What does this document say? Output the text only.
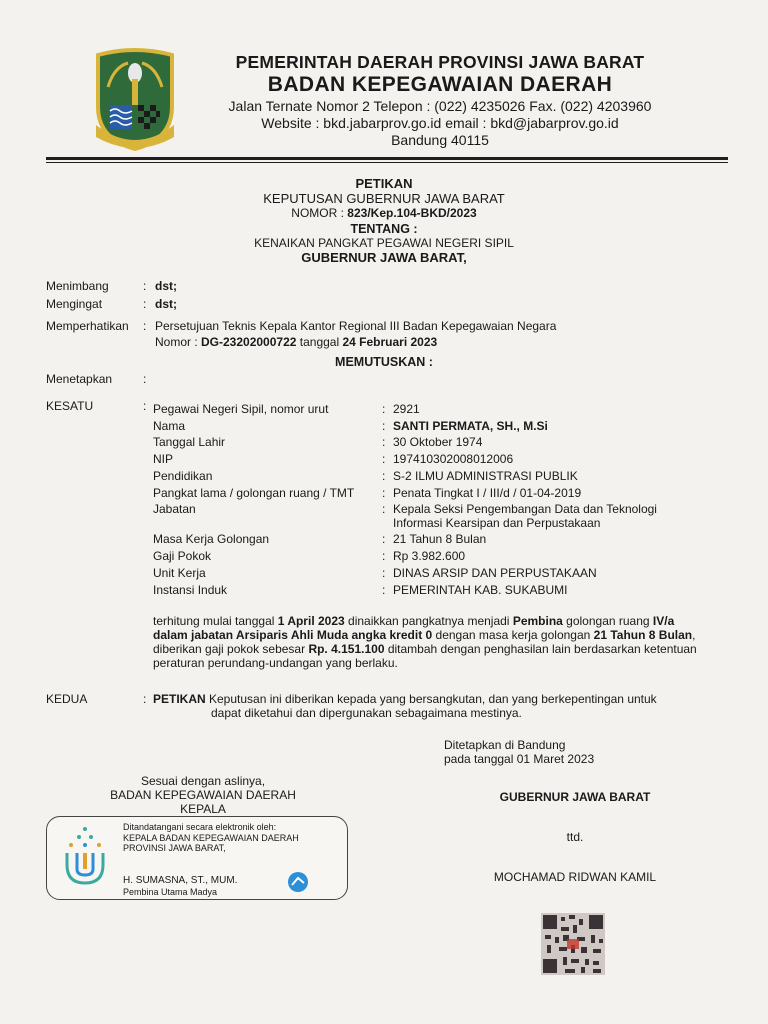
PEMERINTAH DAERAH PROVINSI JAWA BARAT
BADAN KEPEGAWAIAN DAERAH
Jalan Ternate Nomor 2 Telepon : (022) 4235026 Fax. (022) 4203960
Website : bkd.jabarprov.go.id email : bkd@jabarprov.go.id
Bandung 40115
PETIKAN
KEPUTUSAN GUBERNUR JAWA BARAT
NOMOR : 823/Kep.104-BKD/2023
TENTANG :
KENAIKAN PANGKAT PEGAWAI NEGERI SIPIL
GUBERNUR JAWA BARAT,
Menimbang	: dst;
Mengingat	: dst;
Memperhatikan : Persetujuan Teknis Kepala Kantor Regional III Badan Kepegawaian Negara
Nomor : DG-23202000722 tanggal 24 Februari 2023
MEMUTUSKAN :
Menetapkan	:
KESATU	: Pegawai Negeri Sipil, nomor urut	: 2921
Nama	: SANTI PERMATA, SH., M.Si
Tanggal Lahir	: 30 Oktober 1974
NIP	: 197410302008012006
Pendidikan	: S-2 ILMU ADMINISTRASI PUBLIK
Pangkat lama / golongan ruang / TMT : Penata Tingkat I / III/d / 01-04-2019
Jabatan	: Kepala Seksi Pengembangan Data dan Teknologi
Informasi Kearsipan dan Perpustakaan
Masa Kerja Golongan	: 21 Tahun 8 Bulan
Gaji Pokok	: Rp 3.982.600
Unit Kerja	: DINAS ARSIP DAN PERPUSTAKAAN
Instansi Induk	: PEMERINTAH KAB. SUKABUMI
terhitung mulai tanggal 1 April 2023 dinaikkan pangkatnya menjadi Pembina golongan ruang IV/a
dalam jabatan Arsiparis Ahli Muda angka kredit 0 dengan masa kerja golongan 21 Tahun 8 Bulan,
diberikan gaji pokok sebesar Rp. 4.151.100 ditambah dengan penghasilan lain berdasarkan ketentuan
peraturan perundang-undangan yang berlaku.
KEDUA	: PETIKAN Keputusan ini diberikan kepada yang bersangkutan, dan yang berkepentingan untuk
dapat diketahui dan dipergunakan sebagaimana mestinya.
Ditetapkan di Bandung
pada tanggal 01 Maret 2023
Sesuai dengan aslinya,
BADAN KEPEGAWAIAN DAERAH
KEPALA
Ditandatangani secara elektronik oleh:
KEPALA BADAN KEPEGAWAIAN DAERAH
PROVINSI JAWA BARAT,
H. SUMASNA, ST., MUM.
Pembina Utama Madya
GUBERNUR JAWA BARAT
ttd.
MOCHAMAD RIDWAN KAMIL
